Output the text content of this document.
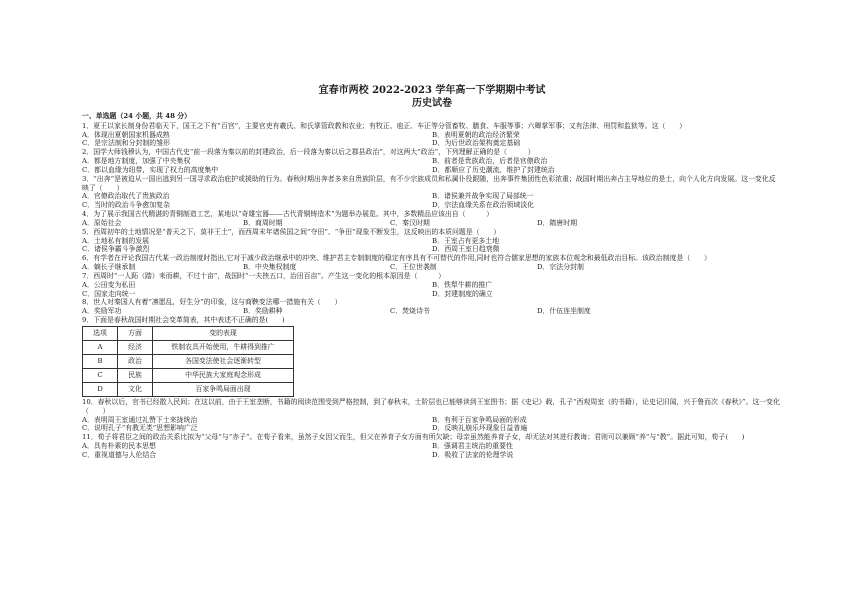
宜春市两校 2022-2023 学年高一下学期期中考试
历史试卷
一、单选题（24 小题，共 48 分）
1．夏王以家长制身份君临天下，国王之下有“百宫”，主要官吏有羲氏、和氏掌管政教和农业；有牧正、庖正、车正等分管畜牧、膳食、车服等事；六卿掌军事；又有法律、刑罚和监狱等。这（　　）
A．体现出夏朝国家机器成熟	B．表明夏朝的政治经济繁荣
C．是宗法制和分封制的雏形	D．为后世政治架构奠定基础
2．国学大师钱穆认为，中国古代史“前一段落为秦以前的封建政治，后一段落为秦以后之郡县政治”，对这两大“政治”，下列理解正确的是（　　　）
A．都是地方制度，加强了中央集权	B．前者是贵族政治，后者是官僚政治
C．都以血缘为纽带，实现了权力的高度集中	D．都顺应了历史潮流，维护了封建统治
3．“出奔”是被迫从一国出逃到另一国寻求政治庇护或援助的行为。春秋时期出奔者多来自贵族阶层，有不少宗族成员和私属仆役跟随，出奔事件集团性色彩浓重；战国时期出奔占主导地位的是士，向个人化方向发展。这一变化反映了（　　）
A．官僚政治取代了贵族政治	B．诸侯兼并战争实现了局部统一
C．当时的政治斗争愈加复杂	D．宗法血缘关系在政治领域淡化
4．为了展示我国古代精湛的青铜制造工艺，某地以“奇雄宝器——古代青铜铸造术”为题举办展览。其中，多数精品应该出自（　　　）
A．原始社会	B．商周时期	C．秦汉时期	D．隋唐时期
5．西周初年的土地情况是“普天之下，莫非王土”，而西周末年诸侯国之间“夺田”、“争田”现象不断发生，这反映出的本质问题是（　　）
A．土地私有制的发展	B．王室占有更多土地
C．诸侯争霸斗争激烈	D．西周王室日趋衰微
6．有学者在评论我国古代某一政治制度时指出,它对于减少政治继承中的冲突、维护君主专制制度的稳定有序具有不可替代的作用,同时也符合儒家思想的家族本位观念和最低政治目标。该政治制度是（　　）
A．嫡长子继承制	B．中央集权制度	C．王位世袭制	D．宗法分封制
7．西周时“一人跖（踏）耒而耕，不过十亩”，战国时“一夫挟五口，治田百亩”。产生这一变化的根本原因是（　　　）
A．公田变为私田	B．铁犁牛耕的推广
C．国家走向统一	D．封建制度的确立
8．世人对秦国人有着“凛愿乱，好生分”的印象，这与商鞅变法哪一措施有关（　　）
A．奖励军功	B．奖励耕种	C．焚烧诗书	D．什伍连坐制度
9．下面是春秋战国时期社会变革简表，其中表述不正确的是(　　)
选项	方面	变的表现
A	经济	铁制农具开始使用，牛耕得到推广
B	政治	各国变法使社会逐渐转型
C	民族	中华民族大家庭观念形成
D	文化	百家争鸣局面出现
10．春秋以后，官书已经散入民间；在这以前，由于王室垄断，书籍的阅读范围受到严格控制，到了春秋末，士阶层也已能够读到王室图书；据《史记》载，孔子“西观周室（的书籍），论史记旧闻，兴于鲁而次《春秋》”。这一变化（　　）
A．表明周王室通过礼赞下士来拢统治	B．有利于百家争鸣局面的形成
C．说明孔子“有教无类”思想影响广泛	D．反映礼崩乐坏现象日益普遍
11．荀子将君臣之间的政治关系比拟为“父母”与“赤子”。在荀子看来，虽然子女因父而生，但父在养育子女方面有所欠缺；母亲虽然能养育子女，却无法对其进行教诲；君则可以兼顾“养”与“教”。据此可知，荀子(　　)
A．具有朴素的民本思想	B．强调君主统治的重要性
C．重视道德与人伦结合	D．吸收了法家的伦理学说
